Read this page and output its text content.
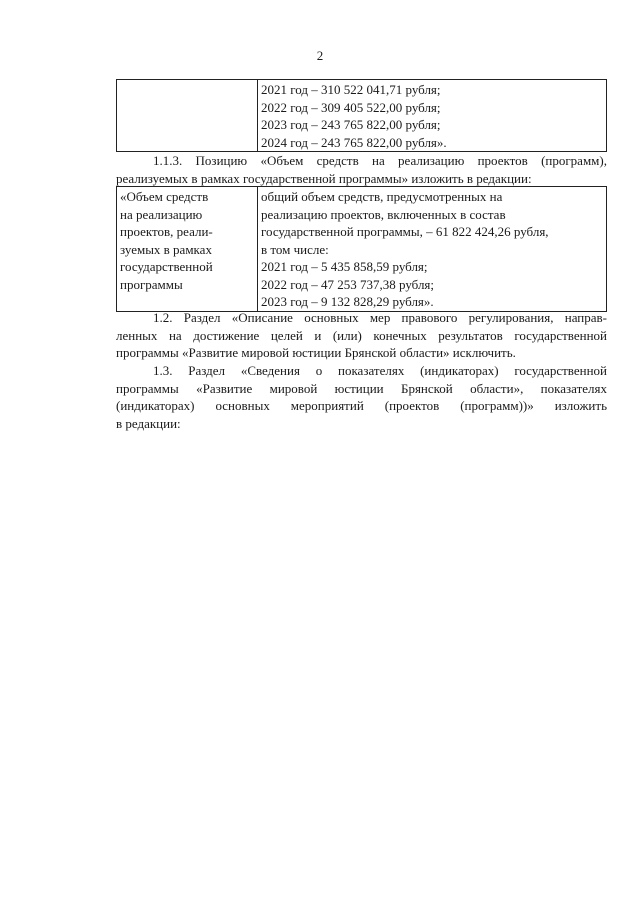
2

2021 год – 310 522 041,71 рубля;
2022 год – 309 405 522,00 рубля;
2023 год – 243 765 822,00 рубля;
2024 год – 243 765 822,00 рубля».
1.1.3. Позицию «Объем средств на реализацию проектов (программ),
реализуемых в рамках государственной программы» изложить в редакции:
«Объем средств
на реализацию
проектов, реали-
зуемых в рамках
государственной
программы

общий объем средств, предусмотренных на
реализацию проектов, включенных в состав
государственной программы, – 61 822 424,26 рубля,
в том числе:
2021 год – 5 435 858,59 рубля;
2022 год – 47 253 737,38 рубля;
2023 год – 9 132 828,29 рубля».
1.2. Раздел «Описание основных мер правового регулирования, направ-
ленных на достижение целей и (или) конечных результатов государственной
программы «Развитие мировой юстиции Брянской области» исключить.
1.3. Раздел «Сведения о показателях (индикаторах) государственной
программы «Развитие мировой юстиции Брянской области», показателях
(индикаторах) основных мероприятий (проектов (программ))» изложить
в редакции:
